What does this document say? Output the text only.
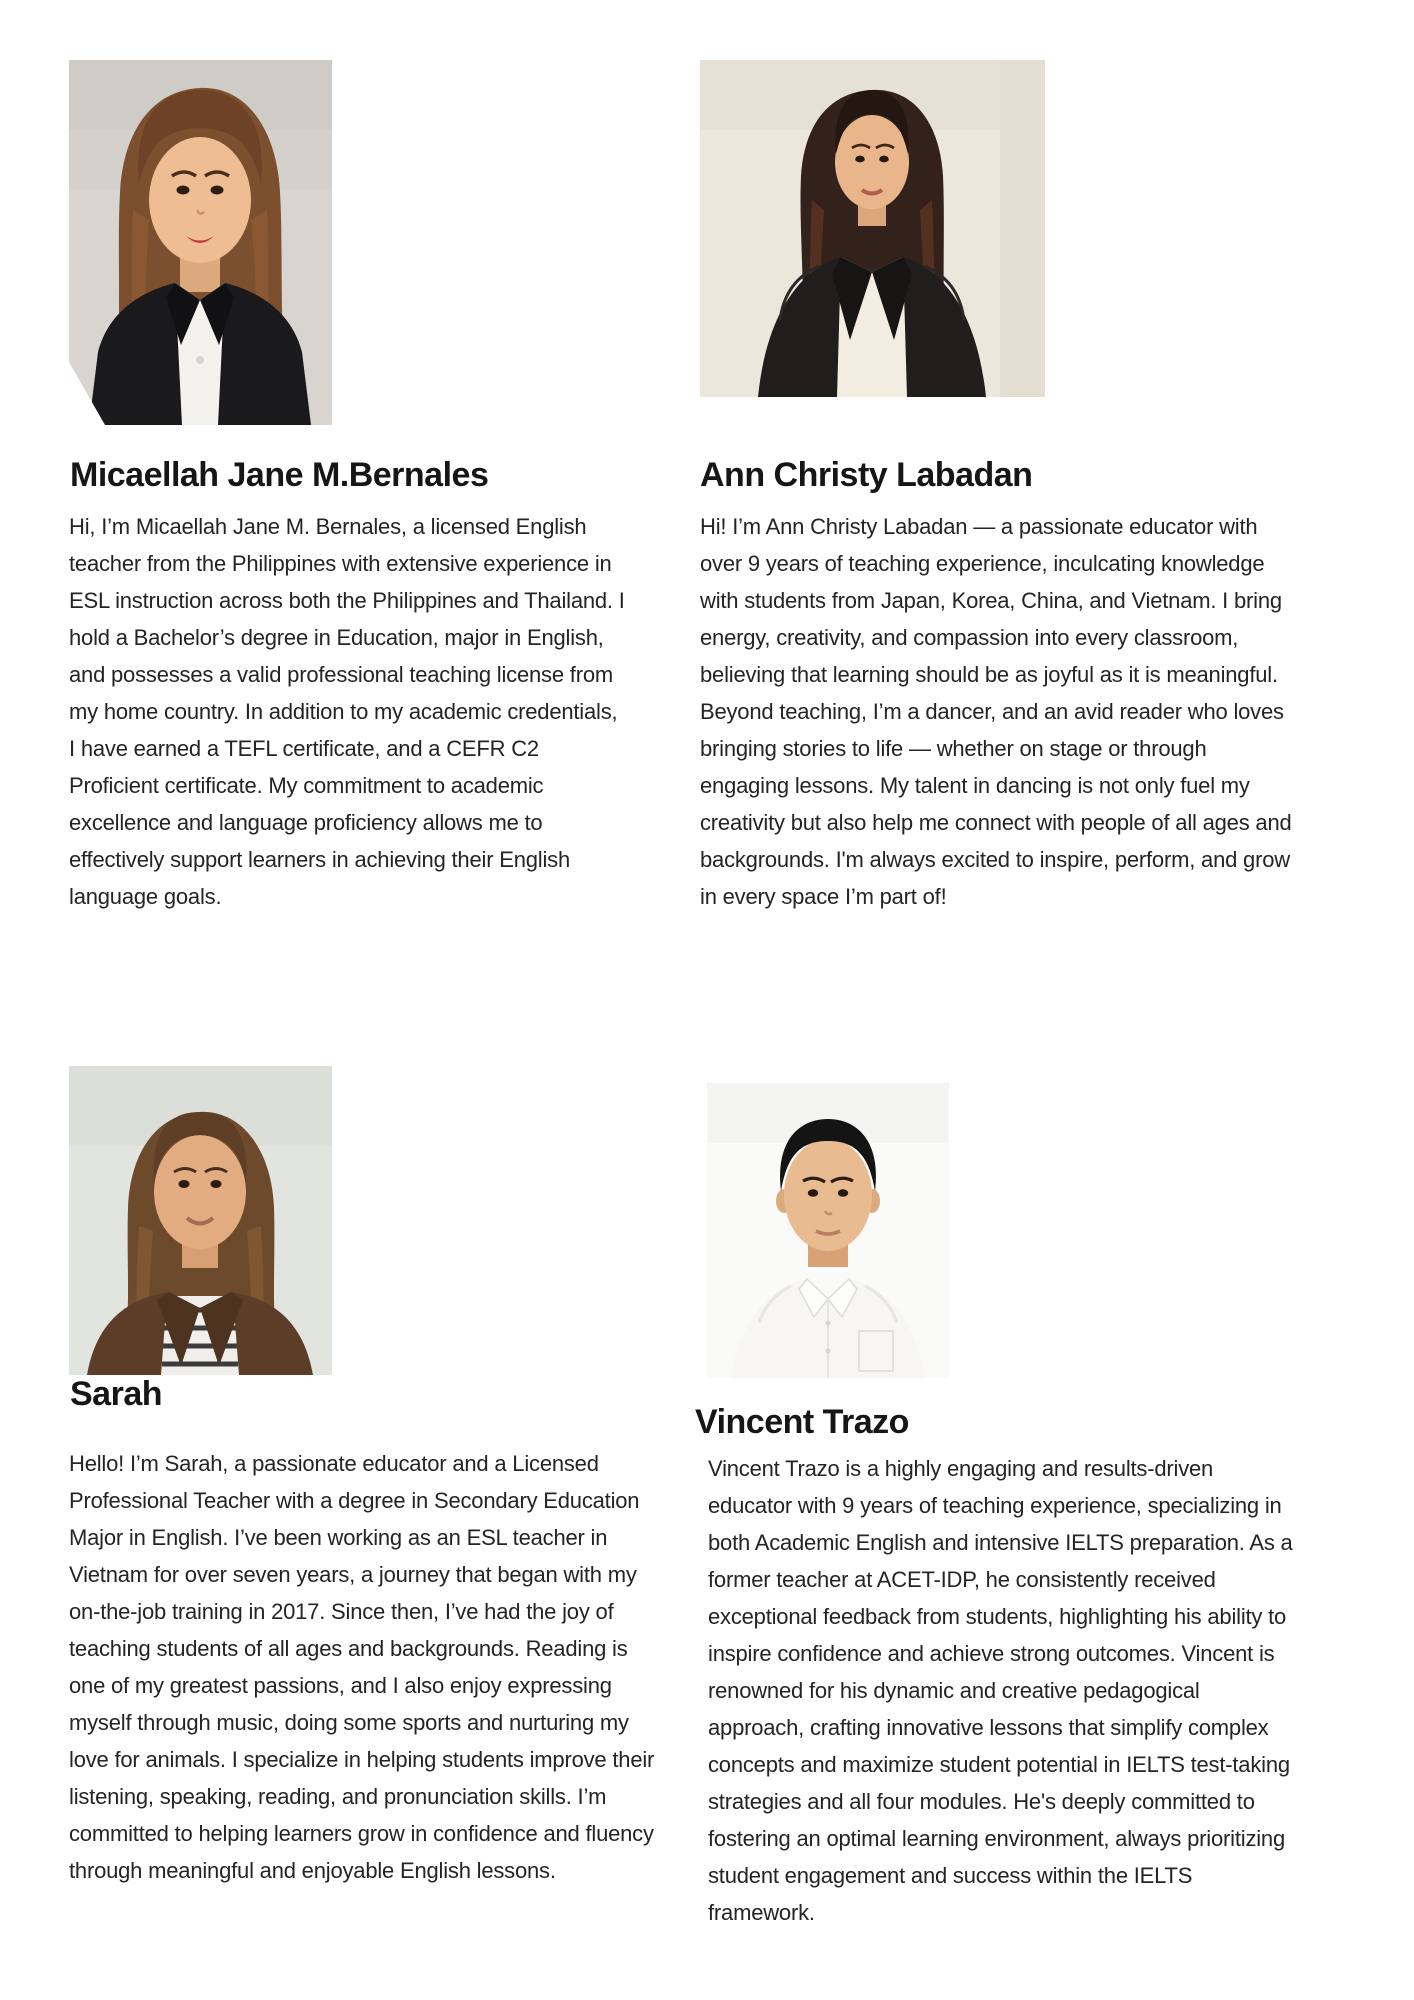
Micaellah Jane M.Bernales

Hi, I’m Micaellah Jane M. Bernales, a licensed English teacher from the Philippines with extensive experience in ESL instruction across both the Philippines and Thailand. I hold a Bachelor’s degree in Education, major in English, and possesses a valid professional teaching license from my home country. In addition to my academic credentials, I have earned a TEFL certificate, and a CEFR C2 Proficient certificate. My commitment to academic excellence and language proficiency allows me to effectively support learners in achieving their English language goals.

Ann Christy Labadan

Hi! I’m Ann Christy Labadan — a passionate educator with over 9 years of teaching experience, inculcating knowledge with students from Japan, Korea, China, and Vietnam. I bring energy, creativity, and compassion into every classroom, believing that learning should be as joyful as it is meaningful.

Beyond teaching, I’m a dancer, and an avid reader who loves bringing stories to life — whether on stage or through engaging lessons. My talent in dancing is not only fuel my creativity but also help me connect with people of all ages and backgrounds. I'm always excited to inspire, perform, and grow in every space I’m part of!

Sarah

Hello! I’m Sarah, a passionate educator and a Licensed Professional Teacher with a degree in Secondary Education Major in English. I’ve been working as an ESL teacher in Vietnam for over seven years, a journey that began with my on-the-job training in 2017. Since then, I’ve had the joy of teaching students of all ages and backgrounds. Reading is one of my greatest passions, and I also enjoy expressing myself through music, doing some sports and nurturing my love for animals. I specialize in helping students improve their listening, speaking, reading, and pronunciation skills. I’m committed to helping learners grow in confidence and fluency through meaningful and enjoyable English lessons.

Vincent Trazo

Vincent Trazo is a highly engaging and results-driven educator with 9 years of teaching experience, specializing in both Academic English and intensive IELTS preparation. As a former teacher at ACET-IDP, he consistently received exceptional feedback from students, highlighting his ability to inspire confidence and achieve strong outcomes. Vincent is renowned for his dynamic and creative pedagogical approach, crafting innovative lessons that simplify complex concepts and maximize student potential in IELTS test-taking strategies and all four modules. He's deeply committed to fostering an optimal learning environment, always prioritizing student engagement and success within the IELTS framework.
